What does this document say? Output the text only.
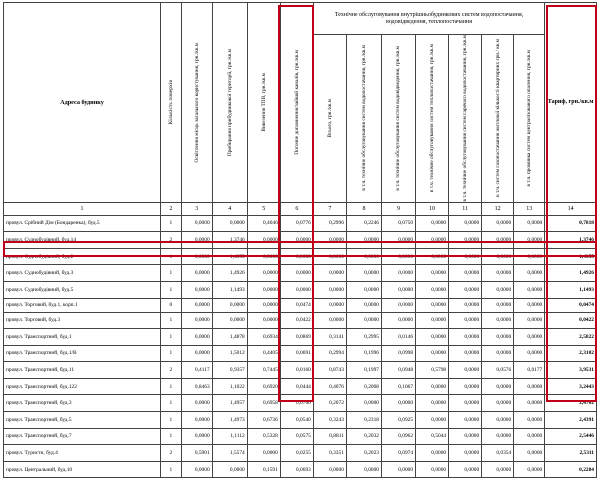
Адреса будинку	Кількість поверхів	Освітлення місць загального користування, грн./кв.м	Прибирання прибудинкової території, грн./кв.м	Вивезення ТПВ, грн./кв.м	Поточне доповнення/зайвий каналів, грн./кв.м	Технічне обслуговування внутрішньобудинкових систем водопостачання, водовідведення, теплопостачання							Тариф, грн./кв.м

						Всього, грн./кв.м	в т.ч. технічне обслуговування систем водопостачання, грн./кв.м	в т.ч. технічне обслуговування систем водовідведення, грн./кв.м	в т.ч. технічне обслуговування систем теплопостачання, грн./кв.м	в т.ч. технічне обслуговування систем гарячого водопостачання, грн./кв.м	в т.ч. систем газопостачання житлової кількості квартирних грн./ кв.м	в т.ч. промивка систем централізованого опалення, грн./кв.м	

1	2	3	4	5	6	7	8	9	10	11	12	13	14
провул. Срібний Дім (Бондаренка), буд.5	1	0,0000	0,0000	0,4046	0,0776	0,2996	0,2246	0,0750	0,0000	0,0000	0,0000	0,0000	0,7818
провул. Суднобудівний, буд.14	2	0,0000	1,3746	0,0000	0,0000	0,0000	0,0000	0,0000	0,0000	0,0000	0,0000	0,0000	1,3746
провул. Суднобудівний, буд.2	1	0,0000	1,4955	0,0000	0,0000	0,0000	0,0000	0,0000	0,0000	0,0000	0,0000	0,0000	1,4955
провул. Суднобудівний, буд.3	1	0,0000	1,4926	0,0000	0,0000	0,0000	0,0000	0,0000	0,0000	0,0000	0,0000	0,0000	1,4926
провул. Суднобудівний, буд.5	1	0,0000	1,1493	0,0000	0,0000	0,0000	0,0000	0,0000	0,0000	0,0000	0,0000	0,0000	1,1493
провул. Торговий, буд.1, корп.1	0	0,0000	0,0000	0,0000	0,0474	0,0000	0,0000	0,0000	0,0000	0,0000	0,0000	0,0000	0,0474
провул. Торговий, буд.3	1	0,0000	0,0000	0,0000	0,0422	0,0000	0,0000	0,0000	0,0000	0,0000	0,0000	0,0000	0,0422
провул. Транспортний, буд.1	1	0,0000	1,4878	0,6934	0,0869	0,3141	0,2995	0,0146	0,0000	0,0000	0,0000	0,0000	2,5822
провул. Транспортний, буд.1/В	1	0,0000	1,5012	0,4405	0,0691	0,2994	0,1996	0,0998	0,0000	0,0000	0,0000	0,0000	2,3102
провул. Транспортний, буд.11	2	0,4117	0,9357	0,7445	0,0160	0,8743	0,1997	0,0948	0,5798	0,0000	0,0576	0,0177	3,9531
провул. Транспортний, буд.122	1	0,8463	1,1022	0,6920	0,0444	0,4076	0,2008	0,1067	0,0000	0,0000	0,0000	0,0000	3,2443
провул. Транспортний, буд.3	1	0,0000	1,4957	0,6958	0,0760	0,2072	0,0000	0,0000	0,0000	0,0000	0,0000	0,0000	2,4702
провул. Транспортний, буд.5	1	0,0000	1,4973	0,6736	0,0540	0,3243	0,2318	0,0925	0,0000	0,0000	0,0000	0,0000	2,4391
провул. Транспортний, буд.7	1	0,0000	1,1112	0,5328	0,0575	0,8811	0,2032	0,0962	0,5044	0,0000	0,0000	0,0000	2,5446
провул. Туристи, буд.4	2	0,5901	1,5574	0,0000	0,0255	0,3351	0,2023	0,0974	0,0000	0,0000	0,0354	0,0000	2,5311
провул. Центральний, буд.10	1	0,0000	0,0000	0,1591	0,0693	0,0000	0,0000	0,0000	0,0000	0,0000	0,0000	0,0000	0,2284
